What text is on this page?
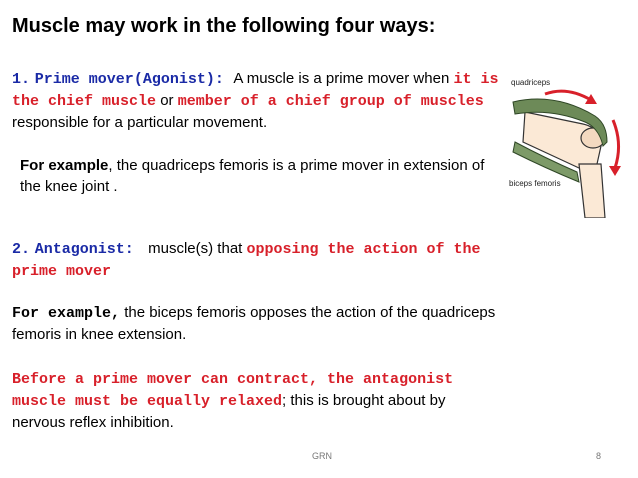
Muscle may work in the following four ways:
1. Prime mover(Agonist): A muscle is a prime mover when it is the chief muscle or member of a chief group of muscles responsible for a particular movement.
For example, the quadriceps femoris is a prime mover in extension of the knee joint .
2. Antagonist: muscle(s) that opposing the action of the prime mover
For example, the biceps femoris opposes the action of the quadriceps femoris in knee extension.
Before a prime mover can contract, the antagonist muscle must be equally relaxed; this is brought about by nervous reflex inhibition.
quadriceps
biceps femoris
GRN	8
